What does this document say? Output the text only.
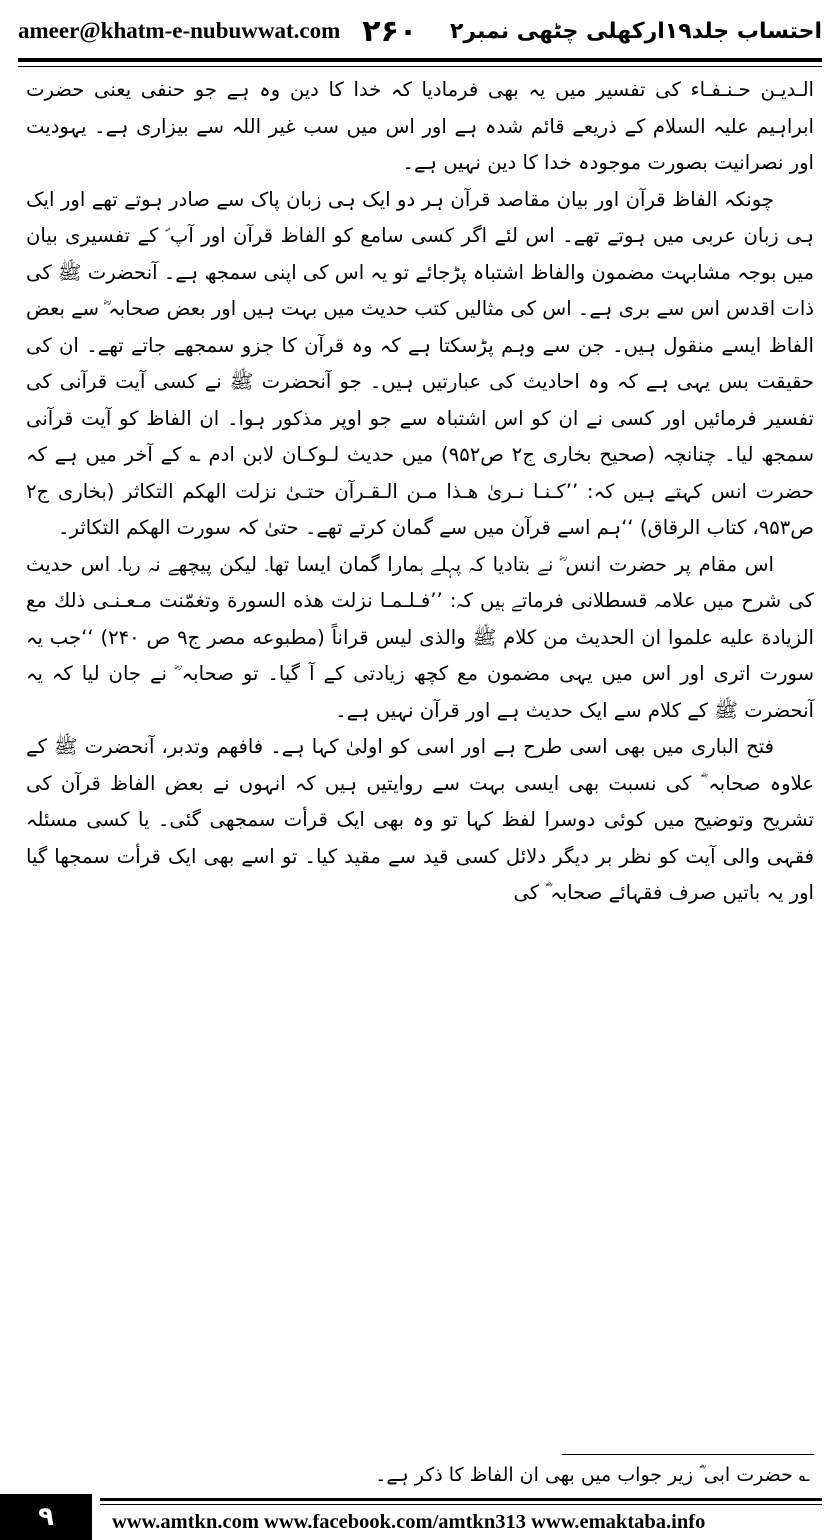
ameer@khatm-e-nubuwwat.com ۲۶۰ احتساب جلد۱۹ارکھلی چٹھی نمبر۲

الـدیـن حـنـفـاء کی تفسیر میں یہ بھی فرمادیا کہ خدا کا دین وہ ہے جو حنفی یعنی حضرت ابراہیم علیہ السلام کے ذریعے قائم شدہ ہے اور اس میں سب غیر اللہ سے بیزاری ہے۔ یہودیت اور نصرانیت بصورت موجودہ خدا کا دین نہیں ہے۔

چونکہ الفاظ قرآن اور بیان مقاصد قرآن ہر دو ایک ہی زبان پاک سے صادر ہوتے تھے اور ایک ہی زبان عربی میں ہوتے تھے۔ اس لئے اگر کسی سامع کو الفاظ قرآن اور آپ ؐ کے تفسیری بیان میں بوجہ مشابہت مضمون والفاظ اشتباہ پڑجائے تو یہ اس کی اپنی سمجھ ہے۔ آنحضرت ﷺ کی ذات اقدس اس سے بری ہے۔ اس کی مثالیں کتب حدیث میں بہت ہیں اور بعض صحابہ ؓ سے بعض الفاظ ایسے منقول ہیں۔ جن سے وہم پڑسکتا ہے کہ وہ قرآن کا جزو سمجھے جاتے تھے۔ ان کی حقیقت بس یہی ہے کہ وہ احادیث کی عبارتیں ہیں۔ جو آنحضرت ﷺ نے کسی آیت قرآنی کی تفسیر فرمائیں اور کسی نے ان کو اس اشتباہ سے جو اوپر مذکور ہوا۔ ان الفاظ کو آیت قرآنی سمجھ لیا۔ چنانچہ (صحیح بخاری ج۲ ص۹۵۲) میں حدیث لـوکـان لابن ادم ؎ کے آخر میں ہے کہ حضرت انس کہتے ہیں کہ: ’’کـنـا نـریٰ هـذا مـن الـقـرآن حتـیٰ نزلت الهکم التکاثر (بخاری ج۲ ص۹۵۳، کتاب الرقاق) ‘‘ہم اسے قرآن میں سے گمان کرتے تھے۔ حتیٰ کہ سورت الهکم التکاثر۔

اس مقام پر حضرت انس ؓ نے بتادیا کہ پہلے ہمارا گمان ایسا تھا۔ لیکن پیچھے نہ رہا۔ اس حدیث کی شرح میں علامہ قسطلانی فرماتے ہیں کہ: ’’فـلـمـا نزلت هذه السورة وتغمّنت مـعـنـی ذلك مع الزيادة عليه علموا ان الحديث من كلام ﷺ والذی لیس قراناً (مطبوعه مصر ج۹ ص ۲۴۰) ‘‘جب یہ سورت اتری اور اس میں یہی مضمون مع کچھ زیادتی کے آ گیا۔ تو صحابہ ؓ نے جان لیا کہ یہ آنحضرت ﷺ کے کلام سے ایک حدیث ہے اور قرآن نہیں ہے۔

فتح الباری میں بھی اسی طرح ہے اور اسی کو اولیٰ کہا ہے۔ فافهم وتدبر، آنحضرت ﷺ کے علاوہ صحابہ ؓ کی نسبت بھی ایسی بہت سے روایتیں ہیں کہ انہوں نے بعض الفاظ قرآن کی تشریح وتوضیح میں کوئی دوسرا لفظ کہا تو وہ بھی ایک قرأت سمجھی گئی۔ یا کسی مسئلہ فقہی والی آیت کو نظر بر دیگر دلائل کسی قید سے مقید کیا۔ تو اسے بھی ایک قرأت سمجھا گیا اور یہ باتیں صرف فقہائے صحابہ ؓ کی

؎ حضرت ابی ؓ زیر جواب میں بھی ان الفاظ کا ذکر ہے۔
۹	www.amtkn.com www.facebook.com/amtkn313 www.emaktaba.info
